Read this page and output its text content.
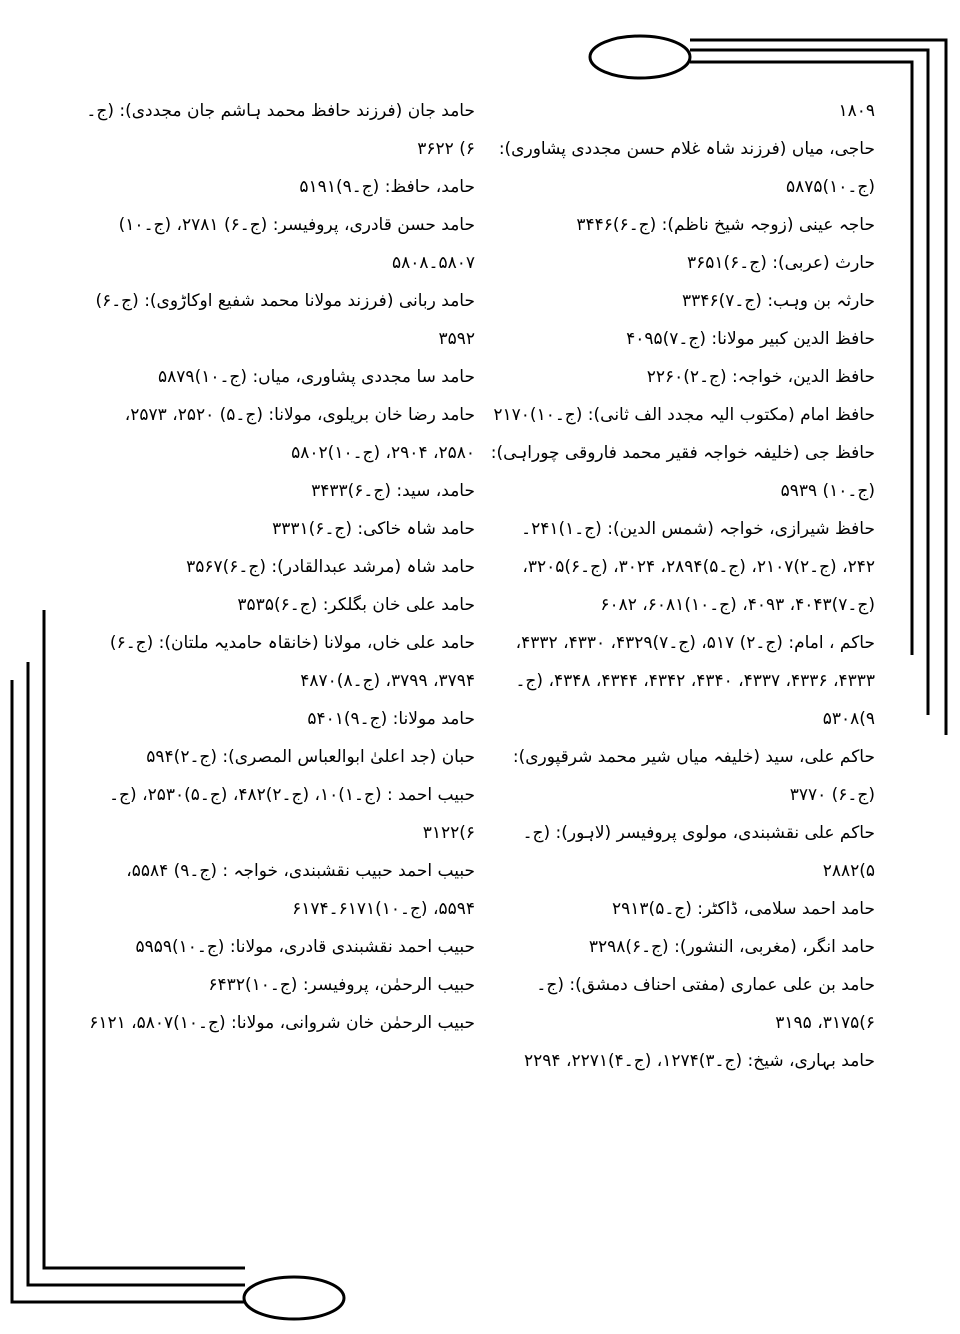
۱۸۰۹

حاجی، میاں (فرزند شاہ غلام حسن مجددی پشاوری): (ج۔۱۰)۵۸۷۵

حاجہ عینی (زوجہ شیخ ناظم): (ج۔۶)۳۴۴۶

حارث (عربی): (ج۔۶)۳۶۵۱

حارثہ بن وہب: (ج۔۷)۳۳۴۶

حافظ الدین کبیر مولانا: (ج۔۷)۴۰۹۵

حافظ الدین، خواجہ: (ج۔۲)۲۲۶۰

حافظ امام (مکتوب الیہ مجدد الف ثانی): (ج۔۱۰)۲۱۷۰

حافظ جی (خلیفہ خواجہ فقیر محمد فاروقی چوراہی): (ج۔۱۰) ۵۹۳۹

حافظ شیرازی، خواجہ (شمس الدین): (ج۔۱)۲۴۱۔۲۴۲، (ج۔۲)۲۱۰۷، (ج۔۵)۲۸۹۴، ۳۰۲۴، (ج۔۶)۳۲۰۵، (ج۔۷)۴۰۴۳، ۴۰۹۳، (ج۔۱۰)۶۰۸۱، ۶۰۸۲

حاکم ، امام: (ج۔۲) ۵۱۷، (ج۔۷)۴۳۲۹، ۴۳۳۰، ۴۳۳۲، ۴۳۳۳، ۴۳۳۶، ۴۳۳۷، ۴۳۴۰، ۴۳۴۲، ۴۳۴۴، ۴۳۴۸، (ج۔۹)۵۳۰۸

حاکم علی، سید (خلیفہ میاں شیر محمد شرقپوری): (ج۔۶) ۳۷۷۰

حاکم علی نقشبندی، مولوی پروفیسر (لاہور): (ج۔۵)۲۸۸۲

حامد احمد سلامی، ڈاکٹر: (ج۔۵)۲۹۱۳

حامد انگر، (مغربی، النشور): (ج۔۶)۳۲۹۸

حامد بن علی عماری (مفتی احناف دمشق): (ج۔۶)۳۱۷۵، ۳۱۹۵

حامد بہاری، شیخ: (ج۔۳)۱۲۷۴، (ج۔۴)۲۲۷۱، ۲۲۹۴

حامد جان (فرزند حافظ محمد ہاشم جان مجددی): (ج۔۶) ۳۶۲۲

حامد، حافظ: (ج۔۹)۵۱۹۱

حامد حسن قادری، پروفیسر: (ج۔۶) ۲۷۸۱، (ج۔۱۰) ۵۸۰۷۔۵۸۰۸

حامد ربانی (فرزند مولانا محمد شفیع اوکاڑوی): (ج۔۶) ۳۵۹۲

حامد سا مجددی پشاوری، میاں: (ج۔۱۰)۵۸۷۹

حامد رضا خان بریلوی، مولانا: (ج۔۵) ۲۵۲۰، ۲۵۷۳، ۲۵۸۰، ۲۹۰۴، (ج۔۱۰)۵۸۰۲

حامد، سید: (ج۔۶)۳۴۳۳

حامد شاہ خاکی: (ج۔۶)۳۳۳۱

حامد شاہ (مرشد عبدالقادر): (ج۔۶)۳۵۶۷

حامد علی خان بگلکر: (ج۔۶)۳۵۳۵

حامد علی خاں، مولانا (خانقاہ حامدیہ ملتان): (ج۔۶) ۳۷۹۴، ۳۷۹۹، (ج۔۸)۴۸۷۰

حامد مولانا: (ج۔۹)۵۴۰۱

حبان (جد اعلیٰ ابوالعباس المصری): (ج۔۲)۵۹۴

حبیب احمد : (ج۔۱)۱۰، (ج۔۲)۴۸۲، (ج۔۵)۲۵۳۰، (ج۔۶)۳۱۲۲

حبیب احمد حبیب نقشبندی، خواجہ : (ج۔۹) ۵۵۸۴، ۵۵۹۴، (ج۔۱۰)۶۱۷۱۔۶۱۷۴

حبیب احمد نقشبندی قادری، مولانا: (ج۔۱۰)۵۹۵۹

حبیب الرحمٰن، پروفیسر: (ج۔۱۰)۶۴۳۲

حبیب الرحمٰن خان شروانی، مولانا: (ج۔۱۰)۵۸۰۷، ۶۱۲۱
